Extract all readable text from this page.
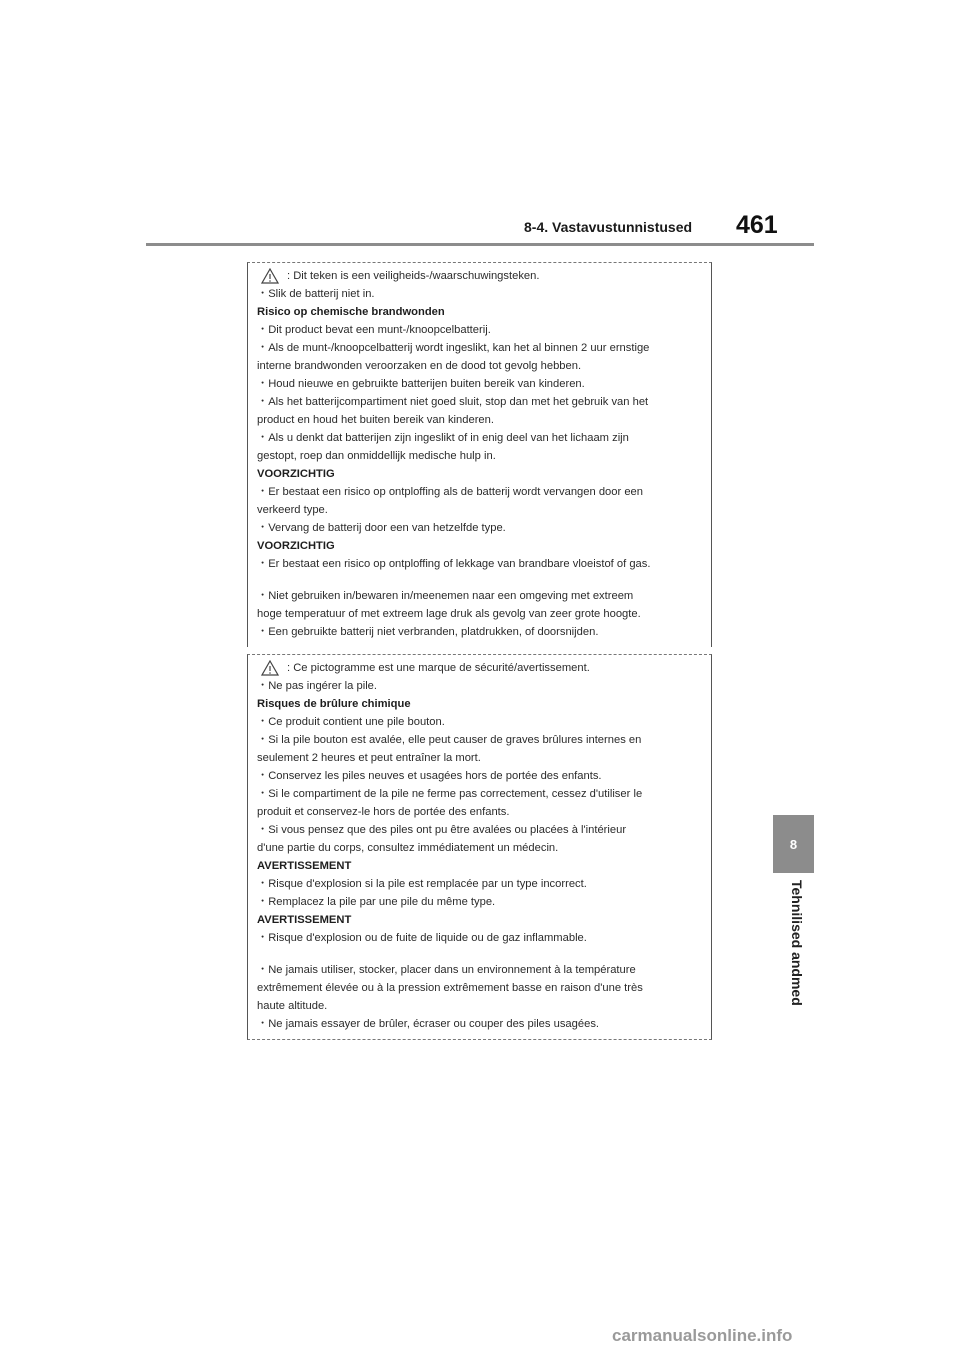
8-4. Vastavustunnistused 461
8
Tehnilised andmed
: Dit teken is een veiligheids-/waarschuwingsteken.
・Slik de batterij niet in.
Risico op chemische brandwonden
・Dit product bevat een munt-/knoopcelbatterij.
・Als de munt-/knoopcelbatterij wordt ingeslikt, kan het al binnen 2 uur ernstige
interne brandwonden veroorzaken en de dood tot gevolg hebben.
・Houd nieuwe en gebruikte batterijen buiten bereik van kinderen.
・Als het batterijcompartiment niet goed sluit, stop dan met het gebruik van het
product en houd het buiten bereik van kinderen.
・Als u denkt dat batterijen zijn ingeslikt of in enig deel van het lichaam zijn
gestopt, roep dan onmiddellijk medische hulp in.
VOORZICHTIG
・Er bestaat een risico op ontploffing als de batterij wordt vervangen door een
verkeerd type.
・Vervang de batterij door een van hetzelfde type.
VOORZICHTIG
・Er bestaat een risico op ontploffing of lekkage van brandbare vloeistof of gas.
・Niet gebruiken in/bewaren in/meenemen naar een omgeving met extreem
hoge temperatuur of met extreem lage druk als gevolg van zeer grote hoogte.
・Een gebruikte batterij niet verbranden, platdrukken, of doorsnijden.
: Ce pictogramme est une marque de sécurité/avertissement.
・Ne pas ingérer la pile.
Risques de brûlure chimique
・Ce produit contient une pile bouton.
・Si la pile bouton est avalée, elle peut causer de graves brûlures internes en
seulement 2 heures et peut entraîner la mort.
・Conservez les piles neuves et usagées hors de portée des enfants.
・Si le compartiment de la pile ne ferme pas correctement, cessez d'utiliser le
produit et conservez-le hors de portée des enfants.
・Si vous pensez que des piles ont pu être avalées ou placées à l'intérieur
d'une partie du corps, consultez immédiatement un médecin.
AVERTISSEMENT
・Risque d'explosion si la pile est remplacée par un type incorrect.
・Remplacez la pile par une pile du même type.
AVERTISSEMENT
・Risque d'explosion ou de fuite de liquide ou de gaz inflammable.
・Ne jamais utiliser, stocker, placer dans un environnement à la température
extrêmement élevée ou à la pression extrêmement basse en raison d'une très
haute altitude.
・Ne jamais essayer de brûler, écraser ou couper des piles usagées.
carmanualsonline.info
